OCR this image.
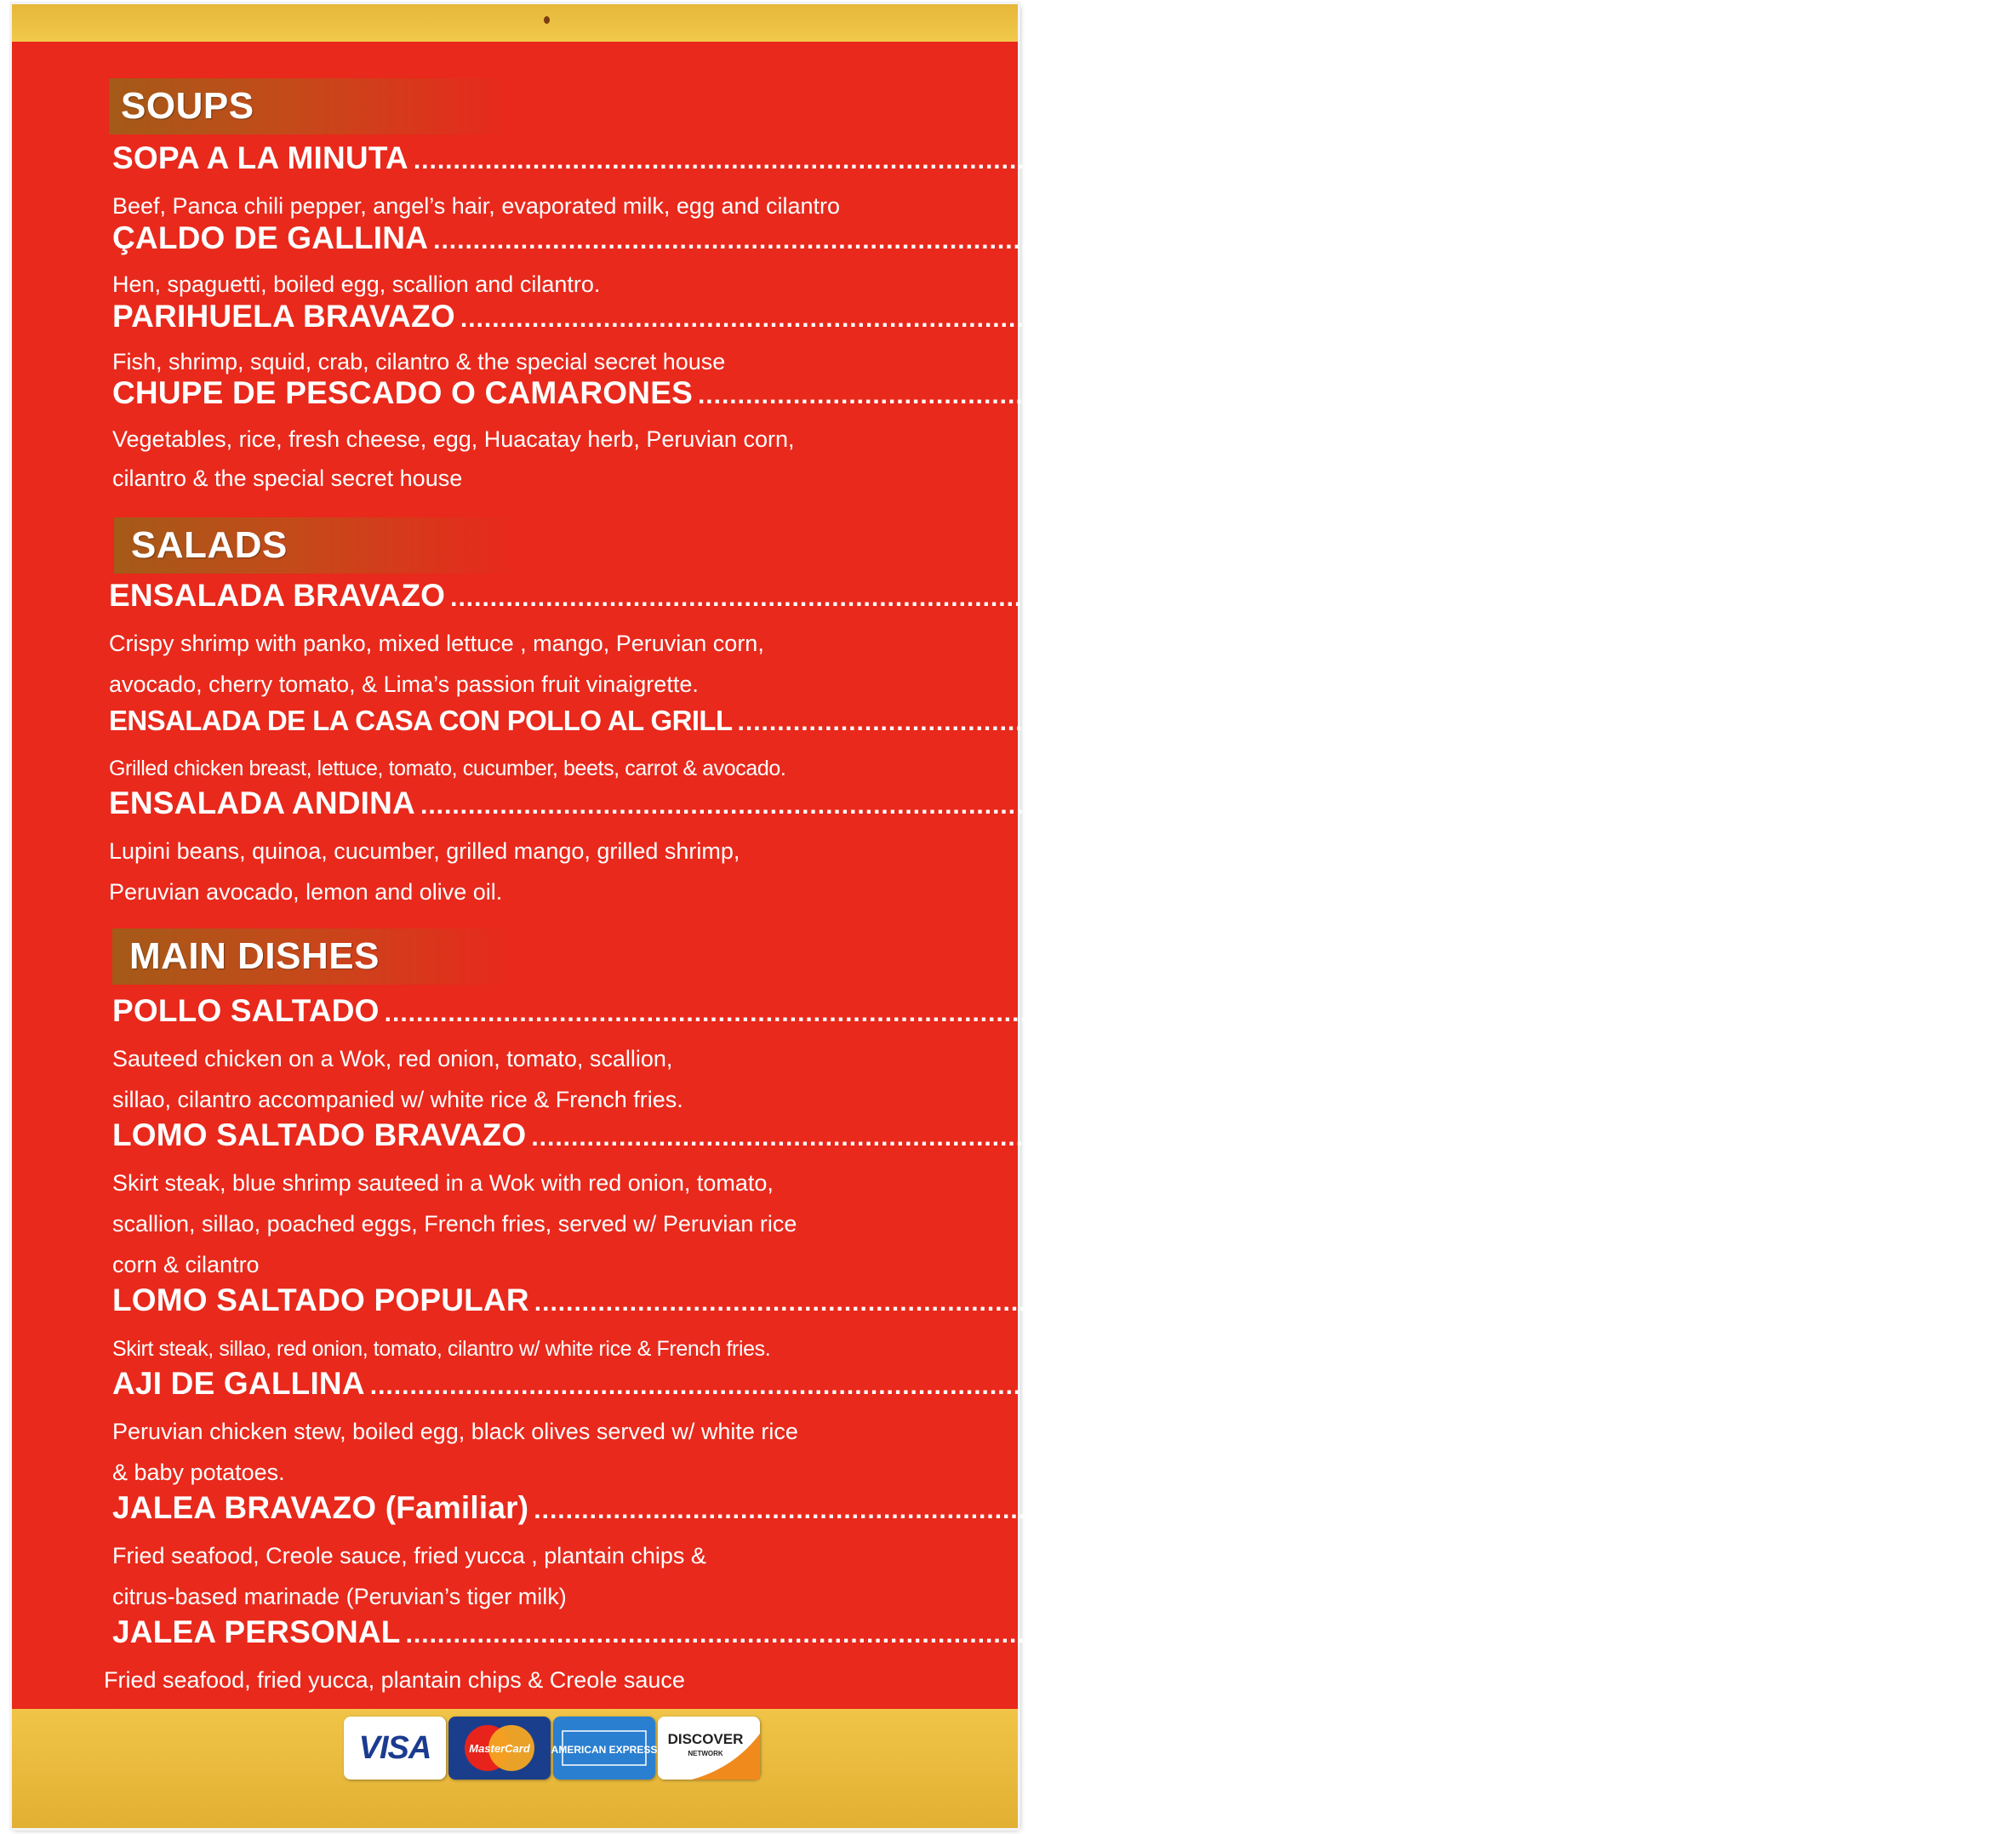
SOUPS
SALADS
MAIN DISHES
SOPA A LA MINUTA .....	$13.99
Beef, Panca chili pepper, angel’s hair, evaporated milk, egg and cilantro
ÇALDO DE GALLINA .....	$15.99
Hen, spaguetti, boiled egg, scallion and cilantro.
PARIHUELA BRAVAZO .....	$22.99
Fish, shrimp, squid, crab, cilantro & the special secret house
CHUPE DE PESCADO O CAMARONES .....	$18.99
Vegetables, rice, fresh cheese, egg, Huacatay herb, Peruvian corn,
cilantro & the special secret house
ENSALADA BRAVAZO .....	$16.99
Crispy shrimp with panko, mixed lettuce , mango, Peruvian corn,
avocado, cherry tomato, & Lima’s passion fruit vinaigrette.
ENSALADA DE LA CASA CON POLLO AL GRILL .....	$13.99
Grilled chicken breast, lettuce, tomato, cucumber, beets, carrot & avocado.
ENSALADA ANDINA .....	$15.99
Lupini beans, quinoa, cucumber, grilled mango, grilled shrimp,
Peruvian avocado, lemon and olive oil.
POLLO SALTADO .....	$17.99
Sauteed chicken on a Wok, red onion, tomato, scallion,
sillao, cilantro accompanied w/ white rice & French fries.
LOMO SALTADO BRAVAZO .....	$29.99
Skirt steak, blue shrimp sauteed in a Wok with red onion, tomato,
scallion, sillao, poached eggs, French fries, served w/ Peruvian rice
corn & cilantro
LOMO SALTADO POPULAR .....	$23.99
Skirt steak, sillao, red onion, tomato, cilantro w/ white rice & French fries.
AJI DE GALLINA .....	$16.99
Peruvian chicken stew, boiled egg, black olives served w/ white rice
& baby potatoes.
JALEA BRAVAZO (Familiar) .....	$50.99
Fried seafood, Creole sauce, fried yucca , plantain chips &
citrus-based marinade (Peruvian’s tiger milk)
JALEA PERSONAL .....	$25.99
Fried seafood, fried yucca, plantain chips & Creole sauce
VISA	MasterCard AMERICAN EXPRESS
DISCOVER
NETWORK
